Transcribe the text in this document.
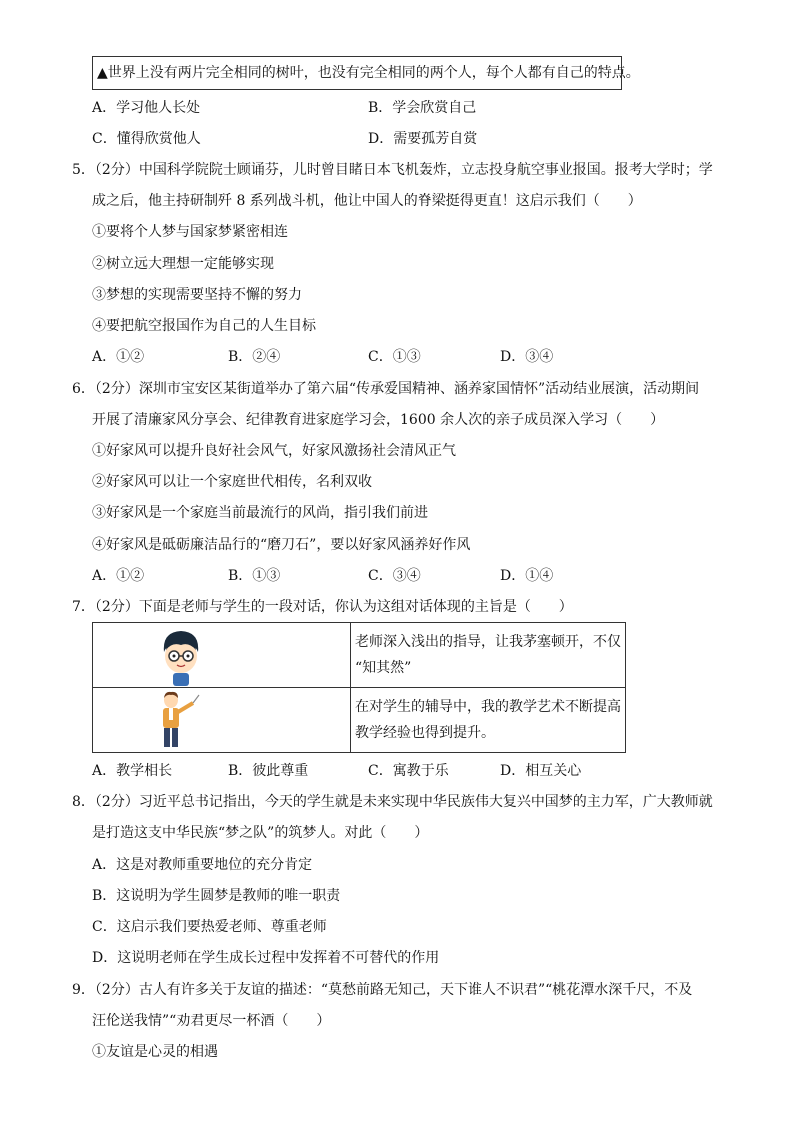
▲世界上没有两片完全相同的树叶，也没有完全相同的两个人，每个人都有自己的特点。
A．学习他人长处	B．学会欣赏自己
C．懂得欣赏他人	D．需要孤芳自赏
5．（2分）中国科学院院士顾诵芬，儿时曾目睹日本飞机轰炸，立志投身航空事业报国。报考大学时；学
成之后，他主持研制歼 8 系列战斗机，他让中国人的脊梁挺得更直！这启示我们（　　）
①要将个人梦与国家梦紧密相连
②树立远大理想一定能够实现
③梦想的实现需要坚持不懈的努力
④要把航空报国作为自己的人生目标
A．①②	B．②④	C．①③	D．③④
6．（2分）深圳市宝安区某街道举办了第六届“传承爱国精神、涵养家国情怀”活动结业展演，活动期间
开展了清廉家风分享会、纪律教育进家庭学习会，1600 余人次的亲子成员深入学习（　　）
①好家风可以提升良好社会风气，好家风激扬社会清风正气
②好家风可以让一个家庭世代相传，名利双收
③好家风是一个家庭当前最流行的风尚，指引我们前进
④好家风是砥砺廉洁品行的“磨刀石”，要以好家风涵养好作风
A．①②	B．①③	C．③④	D．①④
7．（2分）下面是老师与学生的一段对话，你认为这组对话体现的主旨是（　　）

老师深入浅出的指导，让我茅塞顿开，不仅
“知其然”

在对学生的辅导中，我的教学艺术不断提高
教学经验也得到提升。
A．教学相长	B．彼此尊重	C．寓教于乐	D．相互关心
8．（2分）习近平总书记指出，今天的学生就是未来实现中华民族伟大复兴中国梦的主力军，广大教师就
是打造这支中华民族“梦之队”的筑梦人。对此（　　）
A．这是对教师重要地位的充分肯定
B．这说明为学生圆梦是教师的唯一职责
C．这启示我们要热爱老师、尊重老师
D．这说明老师在学生成长过程中发挥着不可替代的作用
9．（2分）古人有许多关于友谊的描述：“莫愁前路无知己，天下谁人不识君”“桃花潭水深千尺，不及
汪伦送我情”“劝君更尽一杯酒（　　）
①友谊是心灵的相遇
